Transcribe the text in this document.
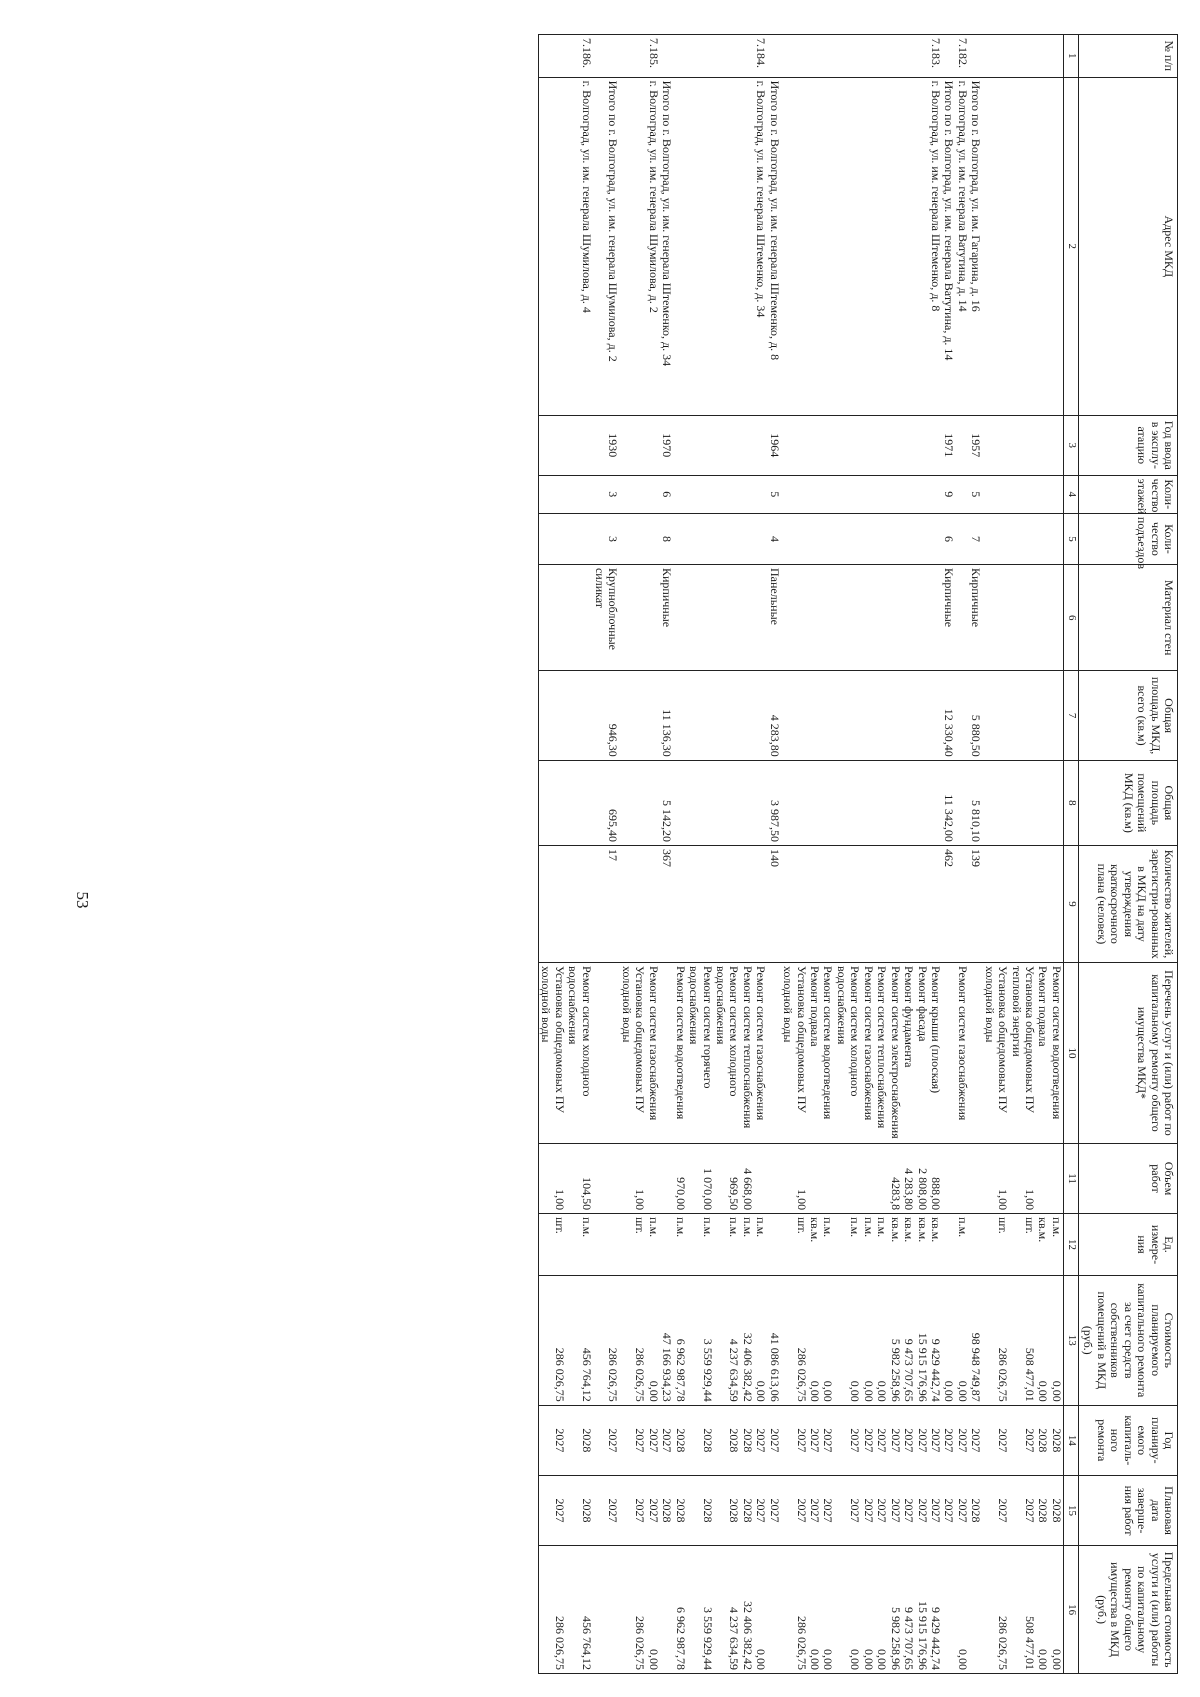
53
№ п/п	Адрес МКД	Год ввода в эксплу-атацию	Коли-чество этажей	Коли-чество подъездов	Материал стен	Общая площадь МКД, всего (кв.м)	Общая площадь помещений МКД (кв.м)	Количество жителей, зарегистри-рованных в МКД на дату утверждения краткосрочного плана (человек)	Перечень услуг и (или) работ по капитальному ремонту общего имущества МКД*	Объем работ	Ед. измере-ния	Стоимость планируемого капитального ремонта за счет средств собственников помещений в МКД (руб.)	Год планиру-емого капиталь-ного ремонта	Плановая дата заверше-ния работ	Предельная стоимость услуги и (или) работы по капитальному ремонту общего имущества в МКД (руб.)
1	2	3	4	5	6	7	8	9	10	11	12	13	14	15	16
									Ремонт систем водоотведения		п.м.	0,00	2028	2028	0,00
									Ремонт подвала		кв.м.	0,00	2028	2028	0,00
									Установка общедомовых ПУ тепловой энергии	1,00	шт.	508 477,01	2027	2027	508 477,01
									Установка общедомовых ПУ холодной воды	1,00	шт.	286 026,75	2027	2027	286 026,75
	Итого по г. Волгоград, ул. им. Гагарина, д. 16	1957	5	7	Кирпичные	5 880,50	5 810,10	139				98 948 749,87	2027	2028	
7.182.	г. Волгоград, ул. им. генерала Ватутина, д. 14								Ремонт систем газоснабжения		п.м.	0,00	2027	2027	0,00
	Итого по г. Волгоград, ул. им. генерала Ватутина, д. 14	1971	9	6	Кирпичные	12 330,40	11 342,00	462				0,00	2027	2027	
7.183.	г. Волгоград, ул. им. генерала Штеменко, д. 8								Ремонт крыши (плоская)	888,00	кв.м.	9 429 442,74	2027	2027	9 429 442,74
									Ремонт фасада	2 808,00	кв.м.	15 915 176,96	2027	2027	15 915 176,96
									Ремонт фундамента	4 283,80	кв.м.	9 473 707,65	2027	2027	9 473 707,65
									Ремонт систем электроснабжения	4283,8	кв.м.	5 982 258,96	2027	2027	5 982 258,96
									Ремонт систем теплоснабжения		п.м.	0,00	2027	2027	0,00
									Ремонт систем газоснабжения		п.м.	0,00	2027	2027	0,00
									Ремонт систем холодного водоснабжения		п.м.	0,00	2027	2027	0,00
									Ремонт систем водоотведения		п.м.	0,00	2027	2027	0,00
									Ремонт подвала		кв.м.	0,00	2027	2027	0,00
									Установка общедомовых ПУ холодной воды	1,00	шт.	286 026,75	2027	2027	286 026,75
	Итого по г. Волгоград, ул. им. генерала Штеменко, д. 8	1964	5	4	Панельные	4 283,80	3 987,50	140				41 086 613,06	2027	2027	
7.184.	г. Волгоград, ул. им. генерала Штеменко, д. 34								Ремонт систем газоснабжения		п.м.	0,00	2027	2027	0,00
									Ремонт систем теплоснабжения	4 668,00	п.м.	32 406 382,42	2028	2028	32 406 382,42
									Ремонт систем холодного водоснабжения	969,50	п.м.	4 237 634,59	2028	2028	4 237 634,59
									Ремонт систем горячего водоснабжения	1 070,00	п.м.	3 559 929,44	2028	2028	3 559 929,44
									Ремонт систем водоотведения	970,00	п.м.	6 962 987,78	2028	2028	6 962 987,78
	Итого по г. Волгоград, ул. им. генерала Штеменко, д. 34	1970	6	8	Кирпичные	11 136,30	5 142,20	367				47 166 934,23	2027	2028	
7.185.	г. Волгоград, ул. им. генерала Шумилова, д. 2								Ремонт систем газоснабжения		п.м.	0,00	2027	2027	0,00
									Установка общедомовых ПУ холодной воды	1,00	шт.	286 026,75	2027	2027	286 026,75
	Итого по г. Волгоград, ул. им. генерала Шумилова, д. 2	1930	3	3	Крупноблочные силикат	946,30	695,40	17				286 026,75	2027	2027	
7.186.	г. Волгоград, ул. им. генерала Шумилова, д. 4								Ремонт систем холодного водоснабжения	104,50	п.м.	456 764,12	2028	2028	456 764,12
									Установка общедомовых ПУ холодной воды	1,00	шт.	286 026,75	2027	2027	286 026,75
